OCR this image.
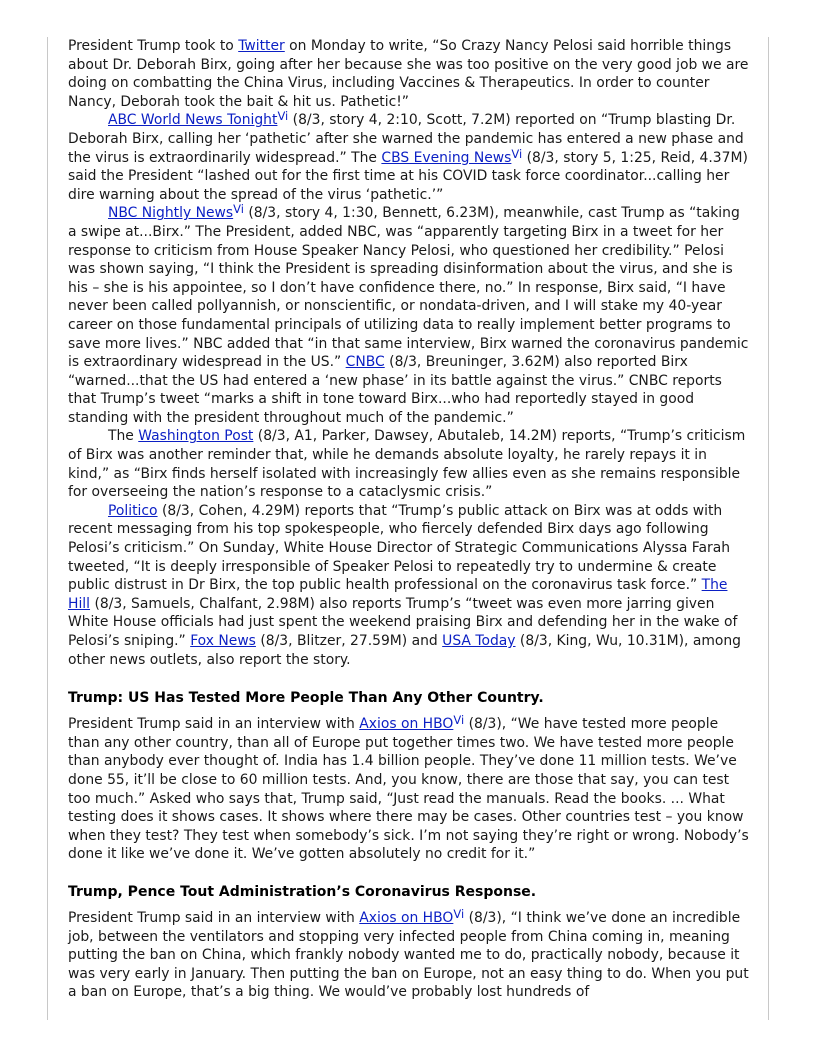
President Trump took to Twitter on Monday to write, “So Crazy Nancy Pelosi said horrible things about Dr. Deborah Birx, going after her because she was too positive on the very good job we are doing on combatting the China Virus, including Vaccines & Therapeutics. In order to counter Nancy, Deborah took the bait & hit us. Pathetic!”

ABC World News Tonight$^{Vi}$ (8/3, story 4, 2:10, Scott, 7.2M) reported on “Trump blasting Dr. Deborah Birx, calling her ‘pathetic’ after she warned the pandemic has entered a new phase and the virus is extraordinarily widespread.” The CBS Evening News$^{Vi}$ (8/3, story 5, 1:25, Reid, 4.37M) said the President “lashed out for the first time at his COVID task force coordinator...calling her dire warning about the spread of the virus ‘pathetic.’”

NBC Nightly News$^{Vi}$ (8/3, story 4, 1:30, Bennett, 6.23M), meanwhile, cast Trump as “taking a swipe at...Birx.” The President, added NBC, was “apparently targeting Birx in a tweet for her response to criticism from House Speaker Nancy Pelosi, who questioned her credibility.” Pelosi was shown saying, “I think the President is spreading disinformation about the virus, and she is his – she is his appointee, so I don’t have confidence there, no.” In response, Birx said, “I have never been called pollyannish, or nonscientific, or nondata-driven, and I will stake my 40-year career on those fundamental principals of utilizing data to really implement better programs to save more lives.” NBC added that “in that same interview, Birx warned the coronavirus pandemic is extraordinary widespread in the US.” CNBC (8/3, Breuninger, 3.62M) also reported Birx “warned...that the US had entered a ‘new phase’ in its battle against the virus.” CNBC reports that Trump’s tweet “marks a shift in tone toward Birx...who had reportedly stayed in good standing with the president throughout much of the pandemic.”

The Washington Post (8/3, A1, Parker, Dawsey, Abutaleb, 14.2M) reports, “Trump’s criticism of Birx was another reminder that, while he demands absolute loyalty, he rarely repays it in kind,” as “Birx finds herself isolated with increasingly few allies even as she remains responsible for overseeing the nation’s response to a cataclysmic crisis.”

Politico (8/3, Cohen, 4.29M) reports that “Trump’s public attack on Birx was at odds with recent messaging from his top spokespeople, who fiercely defended Birx days ago following Pelosi’s criticism.” On Sunday, White House Director of Strategic Communications Alyssa Farah tweeted, “It is deeply irresponsible of Speaker Pelosi to repeatedly try to undermine & create public distrust in Dr Birx, the top public health professional on the coronavirus task force.” The Hill (8/3, Samuels, Chalfant, 2.98M) also reports Trump’s “tweet was even more jarring given White House officials had just spent the weekend praising Birx and defending her in the wake of Pelosi’s sniping.” Fox News (8/3, Blitzer, 27.59M) and USA Today (8/3, King, Wu, 10.31M), among other news outlets, also report the story.

Trump: US Has Tested More People Than Any Other Country.

President Trump said in an interview with Axios on $HBO^{Vi}$ (8/3), “We have tested more people than any other country, than all of Europe put together times two. We have tested more people than anybody ever thought of. India has 1.4 billion people. They’ve done 11 million tests. We’ve done 55, it’ll be close to 60 million tests. And, you know, there are those that say, you can test too much.” Asked who says that, Trump said, “Just read the manuals. Read the books. ... What testing does it shows cases. It shows where there may be cases. Other countries test – you know when they test? They test when somebody’s sick. I’m not saying they’re right or wrong. Nobody’s done it like we’ve done it. We’ve gotten absolutely no credit for it.”

Trump, Pence Tout Administration’s Coronavirus Response.

President Trump said in an interview with Axios on $HBO^{Vi}$ (8/3), “I think we’ve done an incredible job, between the ventilators and stopping very infected people from China coming in, meaning putting the ban on China, which frankly nobody wanted me to do, practically nobody, because it was very early in January. Then putting the ban on Europe, not an easy thing to do. When you put a ban on Europe, that’s a big thing. We would’ve probably lost hundreds of
